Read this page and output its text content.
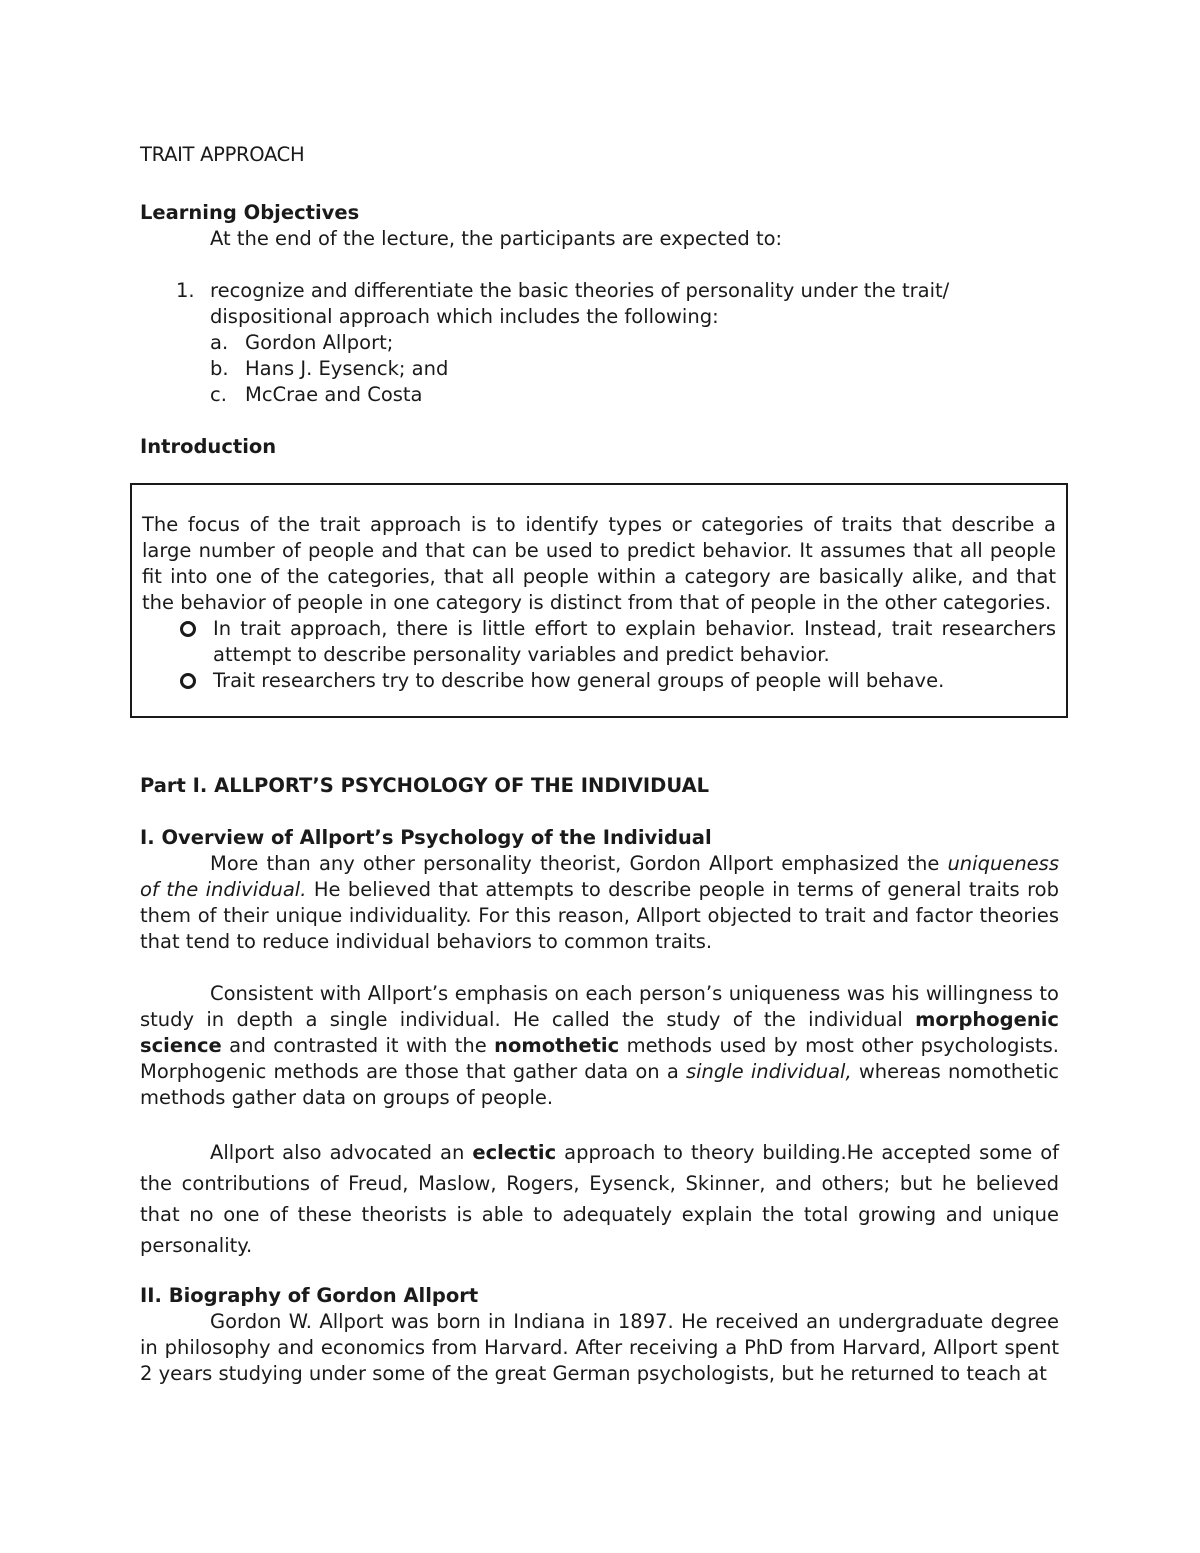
TRAIT APPROACH
Learning Objectives
At the end of the lecture, the participants are expected to:
1. recognize and differentiate the basic theories of personality under the trait/ dispositional approach which includes the following:
a. Gordon Allport;
b. Hans J. Eysenck; and
c. McCrae and Costa
Introduction

The focus of the trait approach is to identify types or categories of traits that describe a large number of people and that can be used to predict behavior. It assumes that all people fit into one of the categories, that all people within a category are basically alike, and that the behavior of people in one category is distinct from that of people in the other categories.

In trait approach, there is little effort to explain behavior. Instead, trait researchers attempt to describe personality variables and predict behavior.
Trait researchers try to describe how general groups of people will behave.
Part I. ALLPORT’S PSYCHOLOGY OF THE INDIVIDUAL
I. Overview of Allport’s Psychology of the Individual

More than any other personality theorist, Gordon Allport emphasized the uniqueness of the individual. He believed that attempts to describe people in terms of general traits rob them of their unique individuality. For this reason, Allport objected to trait and factor theories that tend to reduce individual behaviors to common traits.

Consistent with Allport’s emphasis on each person’s uniqueness was his willingness to study in depth a single individual. He called the study of the individual morphogenic science and contrasted it with the nomothetic methods used by most other psychologists. Morphogenic methods are those that gather data on a single individual, whereas nomothetic methods gather data on groups of people.

Allport also advocated an eclectic approach to theory building.He accepted some of the contributions of Freud, Maslow, Rogers, Eysenck, Skinner, and others; but he believed that no one of these theorists is able to adequately explain the total growing and unique personality.

II. Biography of Gordon Allport

Gordon W. Allport was born in Indiana in 1897. He received an undergraduate degree in philosophy and economics from Harvard. After receiving a PhD from Harvard, Allport spent 2 years studying under some of the great German psychologists, but he returned to teach at
